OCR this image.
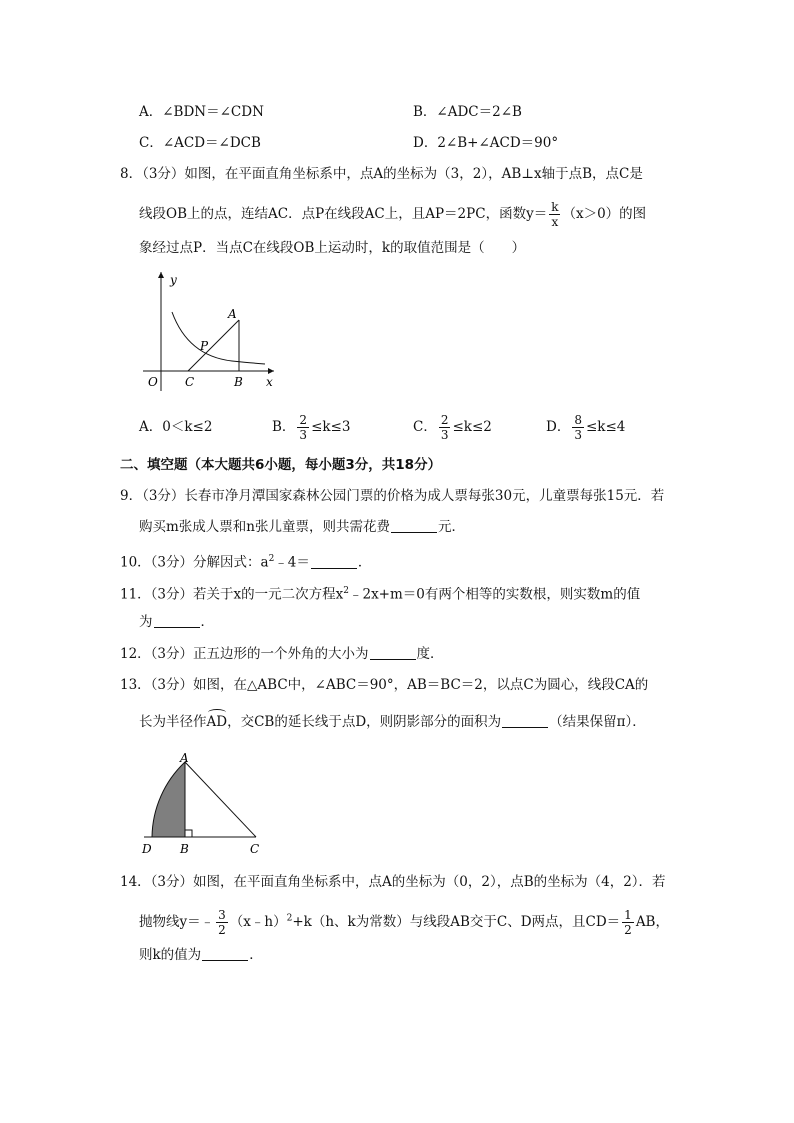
A．∠BDN＝∠CDN	B．∠ADC＝2∠B
C．∠ACD＝∠DCB	D．2∠B+∠ACD＝90°
8．（3分）如图，在平面直角坐标系中，点A的坐标为（3，2），AB⊥x轴于点B，点C是
线段OB上的点，连结AC．点P在线段AC上，且AP＝2PC，函数$y= \frac{k}{x} (x>0)$的图
象经过点P．当点C在线段OB上运动时，k的取值范围是（　　）
y
A
P
O C	B x
A．0＜k≤2	B． $\frac{2}{3} \le k\le 3$	C． $\frac{2}{3} \le k\le 2$	D． $\frac{8}{3} \le k\le 4$
二、填空题（本大题共6小题，每小题3分，共18分）
9．（3分）长春市净月潭国家森林公园门票的价格为成人票每张30元，儿童票每张15元．若
购买m张成人票和n张儿童票，则共需花费	元．
10．（3分）分解因式：$a^2﹣4=$	．
11．（3分）若关于x的一元二次方程$x^2﹣2x+m=0$有两个相等的实数根，则实数m的值
为	．
12．（3分）正五边形的一个外角的大小为	度．
13．（3分）如图，在△ABC中，∠ABC＝90°，AB＝BC＝2，以点C为圆心，线段CA的
长为半径作AD，交CB的延长线于点D，则阴影部分的面积为	（结果保留π）．
A
D B	C
14．（3分）如图，在平面直角坐标系中，点A的坐标为（0，2），点B的坐标为（4，2）．若
抛物线y＝﹣ $\frac{3}{2}$ （x﹣h）$^2$+k（h、k为常数）与线段AB交于C、D两点，且$CD= \frac{1}{2}$ AB，
则k的值为	．
